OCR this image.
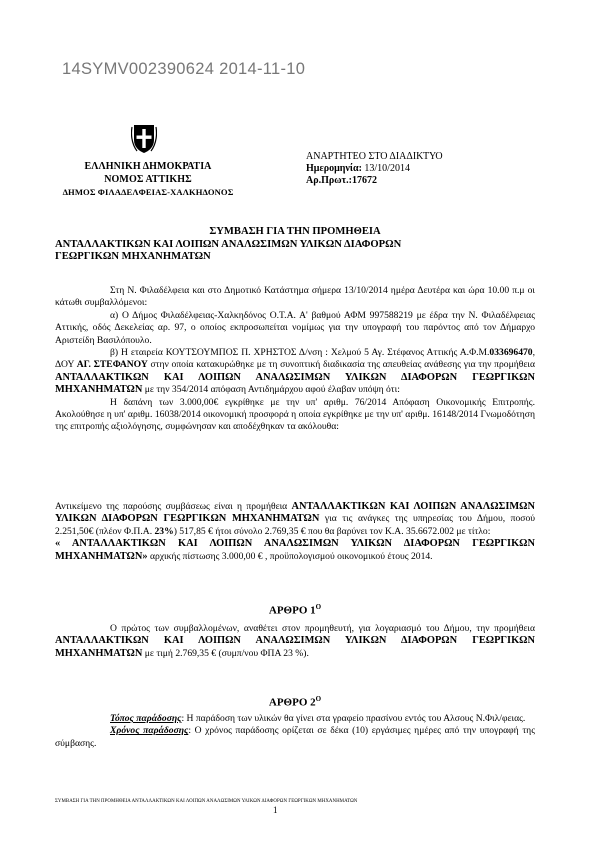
14SYMV002390624 2014-11-10
ΕΛΛΗΝΙΚΗ ΔΗΜΟΚΡΑΤΙΑ
ΝΟΜΟΣ ΑΤΤΙΚΗΣ
ΔΗΜΟΣ ΦΙΛΑΔΕΛΦΕΙΑΣ-ΧΑΛΚΗΔΟΝΟΣ
ΑΝΑΡΤΗΤΕΟ ΣΤΟ ΔΙΑΔΙΚΤΥΟ
Ημερομηνία: 13/10/2014
Αρ.Πρωτ.:17672
ΣΥΜΒΑΣΗ ΓΙΑ ΤΗΝ ΠΡΟΜΗΘΕΙΑ
ΑΝΤΑΛΛΑΚΤΙΚΩΝ ΚΑΙ ΛΟΙΠΩΝ ΑΝΑΛΩΣΙΜΩΝ ΥΛΙΚΩΝ ΔΙΑΦΟΡΩΝ
ΓΕΩΡΓΙΚΩΝ ΜΗΧΑΝΗΜΑΤΩΝ
Στη Ν. Φιλαδέλφεια και στο Δημοτικό Κατάστημα σήμερα 13/10/2014 ημέρα Δευτέρα και ώρα 10.00 π.μ οι κάτωθι συμβαλλόμενοι:
α) Ο Δήμος Φιλαδέλφειας-Χαλκηδόνος Ο.Τ.Α. Α' βαθμού ΑΦΜ 997588219 με έδρα την Ν. Φιλαδέλφειας Αττικής, οδός Δεκελείας αρ. 97, ο οποίος εκπροσωπείται νομίμως για την υπογραφή του παρόντος από τον Δήμαρχο Αριστείδη Βασιλόπουλο.
β) Η εταιρεία ΚΟΥΤΣΟΥΜΠΟΣ Π. ΧΡΗΣΤΟΣ Δ/νση : Χελμού 5 Αγ. Στέφανος Αττικής Α.Φ.Μ.033696470, ΔΟΥ ΑΓ. ΣΤΕΦΑΝΟΥ στην οποία κατακυρώθηκε με τη συνοπτική διαδικασία της απευθείας ανάθεσης για την προμήθεια ΑΝΤΑΛΛΑΚΤΙΚΩΝ ΚΑΙ ΛΟΙΠΩΝ ΑΝΑΛΩΣΙΜΩΝ ΥΛΙΚΩΝ ΔΙΑΦΟΡΩΝ ΓΕΩΡΓΙΚΩΝ ΜΗΧΑΝΗΜΑΤΩΝ με την 354/2014 απόφαση Αντιδημάρχου αφού έλαβαν υπόψη ότι:
Η δαπάνη των 3.000,00€ εγκρίθηκε με την υπ' αριθμ. 76/2014 Απόφαση Οικονομικής Επιτροπής. Ακολούθησε η υπ' αριθμ. 16038/2014 οικονομική προσφορά η οποία εγκρίθηκε με την υπ' αριθμ. 16148/2014 Γνωμοδότηση της επιτροπής αξιολόγησης, συμφώνησαν και αποδέχθηκαν τα ακόλουθα:
Αντικείμενο της παρούσης συμβάσεως είναι η προμήθεια ΑΝΤΑΛΛΑΚΤΙΚΩΝ ΚΑΙ ΛΟΙΠΩΝ ΑΝΑΛΩΣΙΜΩΝ ΥΛΙΚΩΝ ΔΙΑΦΟΡΩΝ ΓΕΩΡΓΙΚΩΝ ΜΗΧΑΝΗΜΑΤΩΝ για τις ανάγκες της υπηρεσίας του Δήμου, ποσού 2.251,50€ (πλέον Φ.Π.Α. 23%) 517,85 € ήτοι σύνολο 2.769,35 € που θα βαρύνει τον Κ.Α. 35.6672.002 με τίτλο:
« ΑΝΤΑΛΛΑΚΤΙΚΩΝ ΚΑΙ ΛΟΙΠΩΝ ΑΝΑΛΩΣΙΜΩΝ ΥΛΙΚΩΝ ΔΙΑΦΟΡΩΝ ΓΕΩΡΓΙΚΩΝ ΜΗΧΑΝΗΜΑΤΩΝ» αρχικής πίστωσης 3.000,00 € , προϋπολογισμού οικονομικού έτους 2014.
ΑΡΘΡΟ $1^O$
Ο πρώτος των συμβαλλομένων, αναθέτει στον προμηθευτή, για λογαριασμό του Δήμου, την προμήθεια ΑΝΤΑΛΛΑΚΤΙΚΩΝ ΚΑΙ ΛΟΙΠΩΝ ΑΝΑΛΩΣΙΜΩΝ ΥΛΙΚΩΝ ΔΙΑΦΟΡΩΝ ΓΕΩΡΓΙΚΩΝ ΜΗΧΑΝΗΜΑΤΩΝ με τιμή 2.769,35 € (συμπ/νου ΦΠΑ 23 %).
ΑΡΘΡΟ $2^O$
Τόπος παράδοσης: Η παράδοση των υλικών θα γίνει στα γραφείο πρασίνου εντός του Αλσους Ν.Φιλ/φειας.
Χρόνος παράδοσης: Ο χρόνος παράδοσης ορίζεται σε δέκα (10) εργάσιμες ημέρες από την υπογραφή της σύμβασης.
ΣΥΜΒΑΣΗ ΓΙΑ ΤΗΝ ΠΡΟΜΗΘΕΙΑ ΑΝΤΑΛΛΑΚΤΙΚΩΝ ΚΑΙ ΛΟΙΠΩΝ ΑΝΑΛΩΣΙΜΩΝ ΥΛΙΚΩΝ ΔΙΑΦΟΡΩΝ ΓΕΩΡΓΙΚΩΝ ΜΗΧΑΝΗΜΑΤΩΝ
1
